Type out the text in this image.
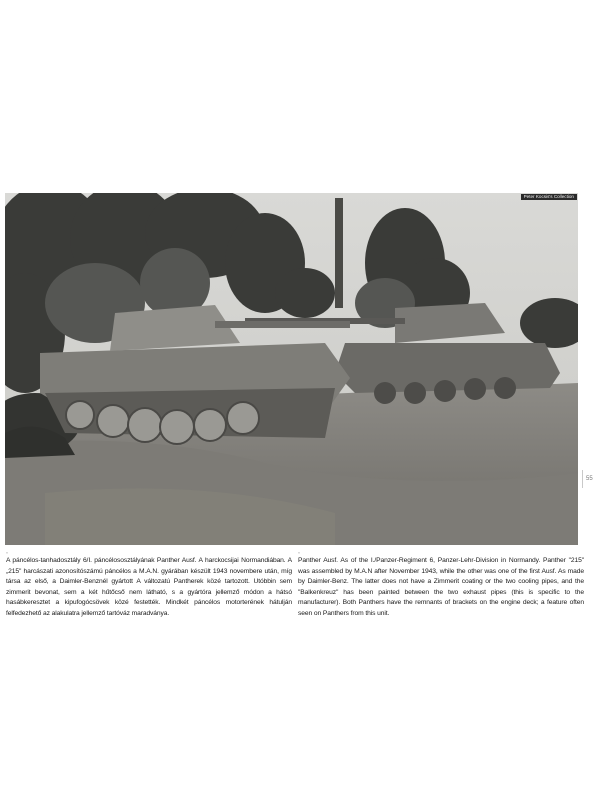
Peter Kocsis's Collection
55
»

A páncélos-tanhadosztály 6/I. páncélososztályának Panther Ausf. A harckocsijai Normandiában. A „215" harcászati azonosítószámú páncélos a M.A.N. gyárában készült 1943 novembere után, míg társa az első, a Daimler-Benznél gyártott A változatú Pantherek közé tartozott. Utóbbin sem zimmerit bevonat, sem a két hűtőcső nem látható, s a gyártóra jellemző módon a hátsó hasábkeresztet a kipufogócsövek közé festették. Mindkét páncélos motorterének hátulján felfedezhető az alakulatra jellemző tartóváz maradványa.

»

Panther Ausf. As of the I./Panzer-Regiment 6, Panzer-Lehr-Division in Normandy. Panther "215" was assembled by M.A.N after November 1943, while the other was one of the first Ausf. As made by Daimler-Benz. The latter does not have a Zimmerit coating or the two cooling pipes, and the "Balkenkreuz" has been painted between the two exhaust pipes (this is specific to the manufacturer). Both Panthers have the remnants of brackets on the engine deck; a feature often seen on Panthers from this unit.
